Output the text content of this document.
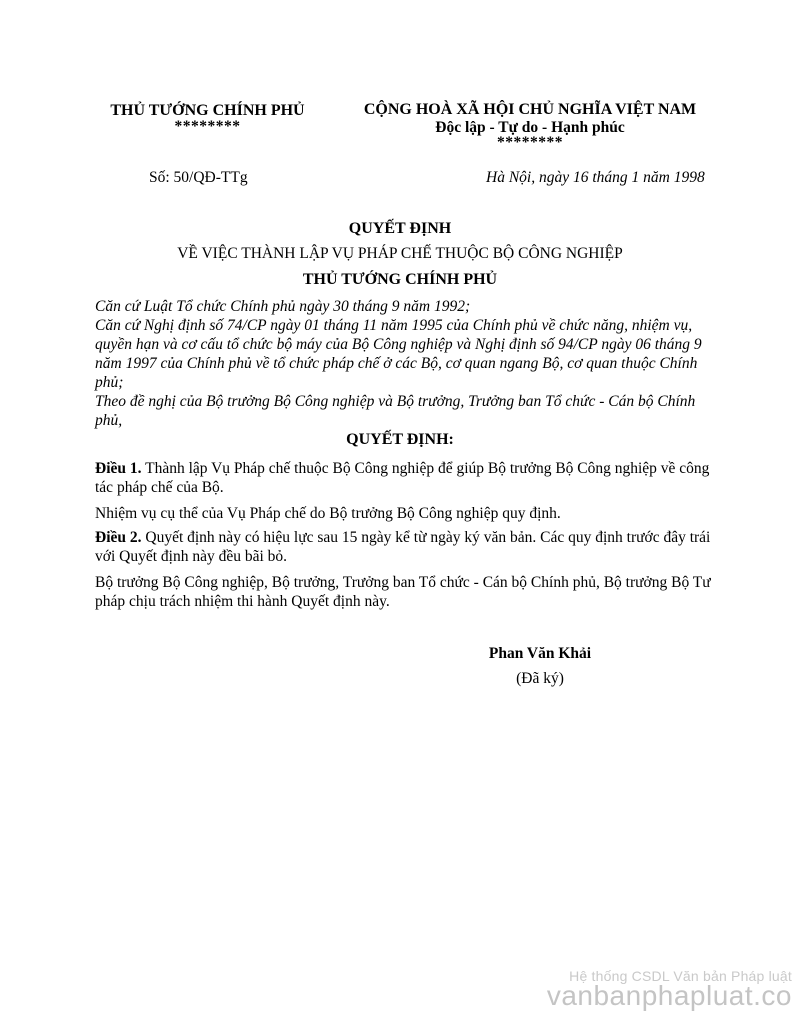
THỦ TƯỚNG CHÍNH PHỦ
********
CỘNG HOÀ XÃ HỘI CHỦ NGHĨA VIỆT NAM
Độc lập - Tự do - Hạnh phúc
********
Số: 50/QĐ-TTg	Hà Nội, ngày 16 tháng 1 năm 1998
QUYẾT ĐỊNH
VỀ VIỆC THÀNH LẬP VỤ PHÁP CHẾ THUỘC BỘ CÔNG NGHIỆP
THỦ TƯỚNG CHÍNH PHỦ

Căn cứ Luật Tổ chức Chính phủ ngày 30 tháng 9 năm 1992;

Căn cứ Nghị định số 74/CP ngày 01 tháng 11 năm 1995 của Chính phủ về chức năng, nhiệm vụ, quyền hạn và cơ cấu tổ chức bộ máy của Bộ Công nghiệp và Nghị định số 94/CP ngày 06 tháng 9 năm 1997 của Chính phủ về tổ chức pháp chế ở các Bộ, cơ quan ngang Bộ, cơ quan thuộc Chính phủ;

Theo đề nghị của Bộ trưởng Bộ Công nghiệp và Bộ trưởng, Trưởng ban Tổ chức - Cán bộ Chính phủ,

QUYẾT ĐỊNH:

Điều 1. Thành lập Vụ Pháp chế thuộc Bộ Công nghiệp để giúp Bộ trưởng Bộ Công nghiệp về công tác pháp chế của Bộ.

Nhiệm vụ cụ thể của Vụ Pháp chế do Bộ trưởng Bộ Công nghiệp quy định.

Điều 2. Quyết định này có hiệu lực sau 15 ngày kể từ ngày ký văn bản. Các quy định trước đây trái với Quyết định này đều bãi bỏ.

Bộ trưởng Bộ Công nghiệp, Bộ trưởng, Trưởng ban Tổ chức - Cán bộ Chính phủ, Bộ trưởng Bộ Tư pháp chịu trách nhiệm thi hành Quyết định này.

Phan Văn Khải
(Đã ký)
Hệ thống CSDL Văn bản Pháp luật
vanbanphapluat.co
